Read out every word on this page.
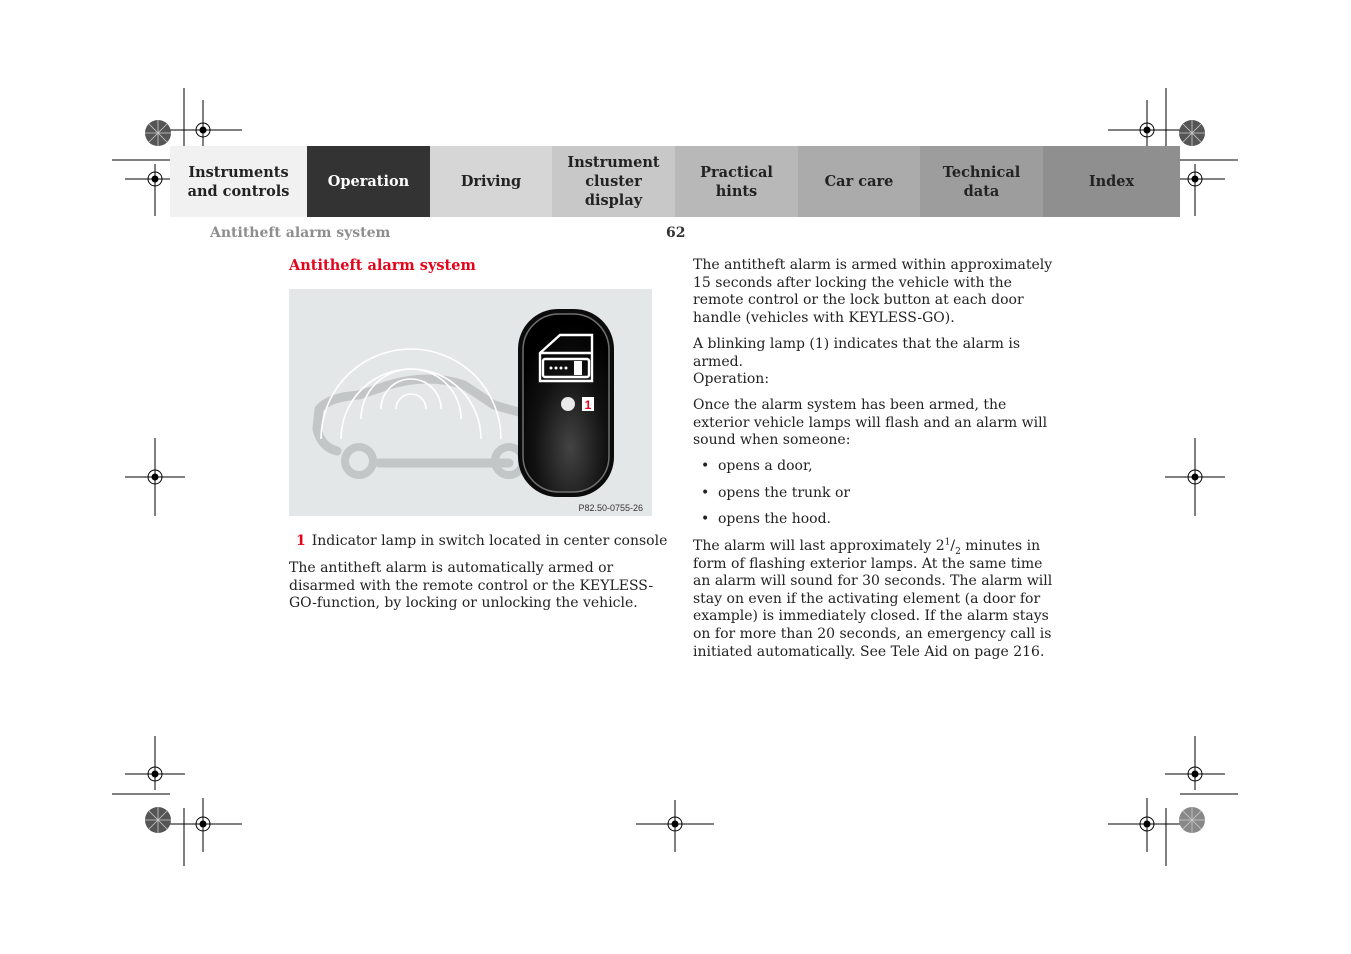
Instruments
and controls
Operation	Driving
Instrument
cluster display
Practical hints
Car care
Technical
data
Index
Antitheft alarm system	62
Antitheft alarm system
1
P82.50-0755-26
1 Indicator lamp in switch located in center console

The antitheft alarm is automatically armed or disarmed with the remote control or the KEYLESS-GO-function, by locking or unlocking the vehicle.

The antitheft alarm is armed within approximately 15 seconds after locking the vehicle with the remote control or the lock button at each door handle (vehicles with KEYLESS-GO).

A blinking lamp (1) indicates that the alarm is armed.

Operation:

Once the alarm system has been armed, the exterior vehicle lamps will flash and an alarm will sound when someone:

• opens a door,
• opens the trunk or
• opens the hood.

The alarm will last approximately $2^1/_2$ minutes in form of flashing exterior lamps. At the same time an alarm will sound for 30 seconds. The alarm will stay on even if the activating element (a door for example) is immediately closed. If the alarm stays on for more than 20 seconds, an emergency call is initiated automatically. See Tele Aid on page 216.
